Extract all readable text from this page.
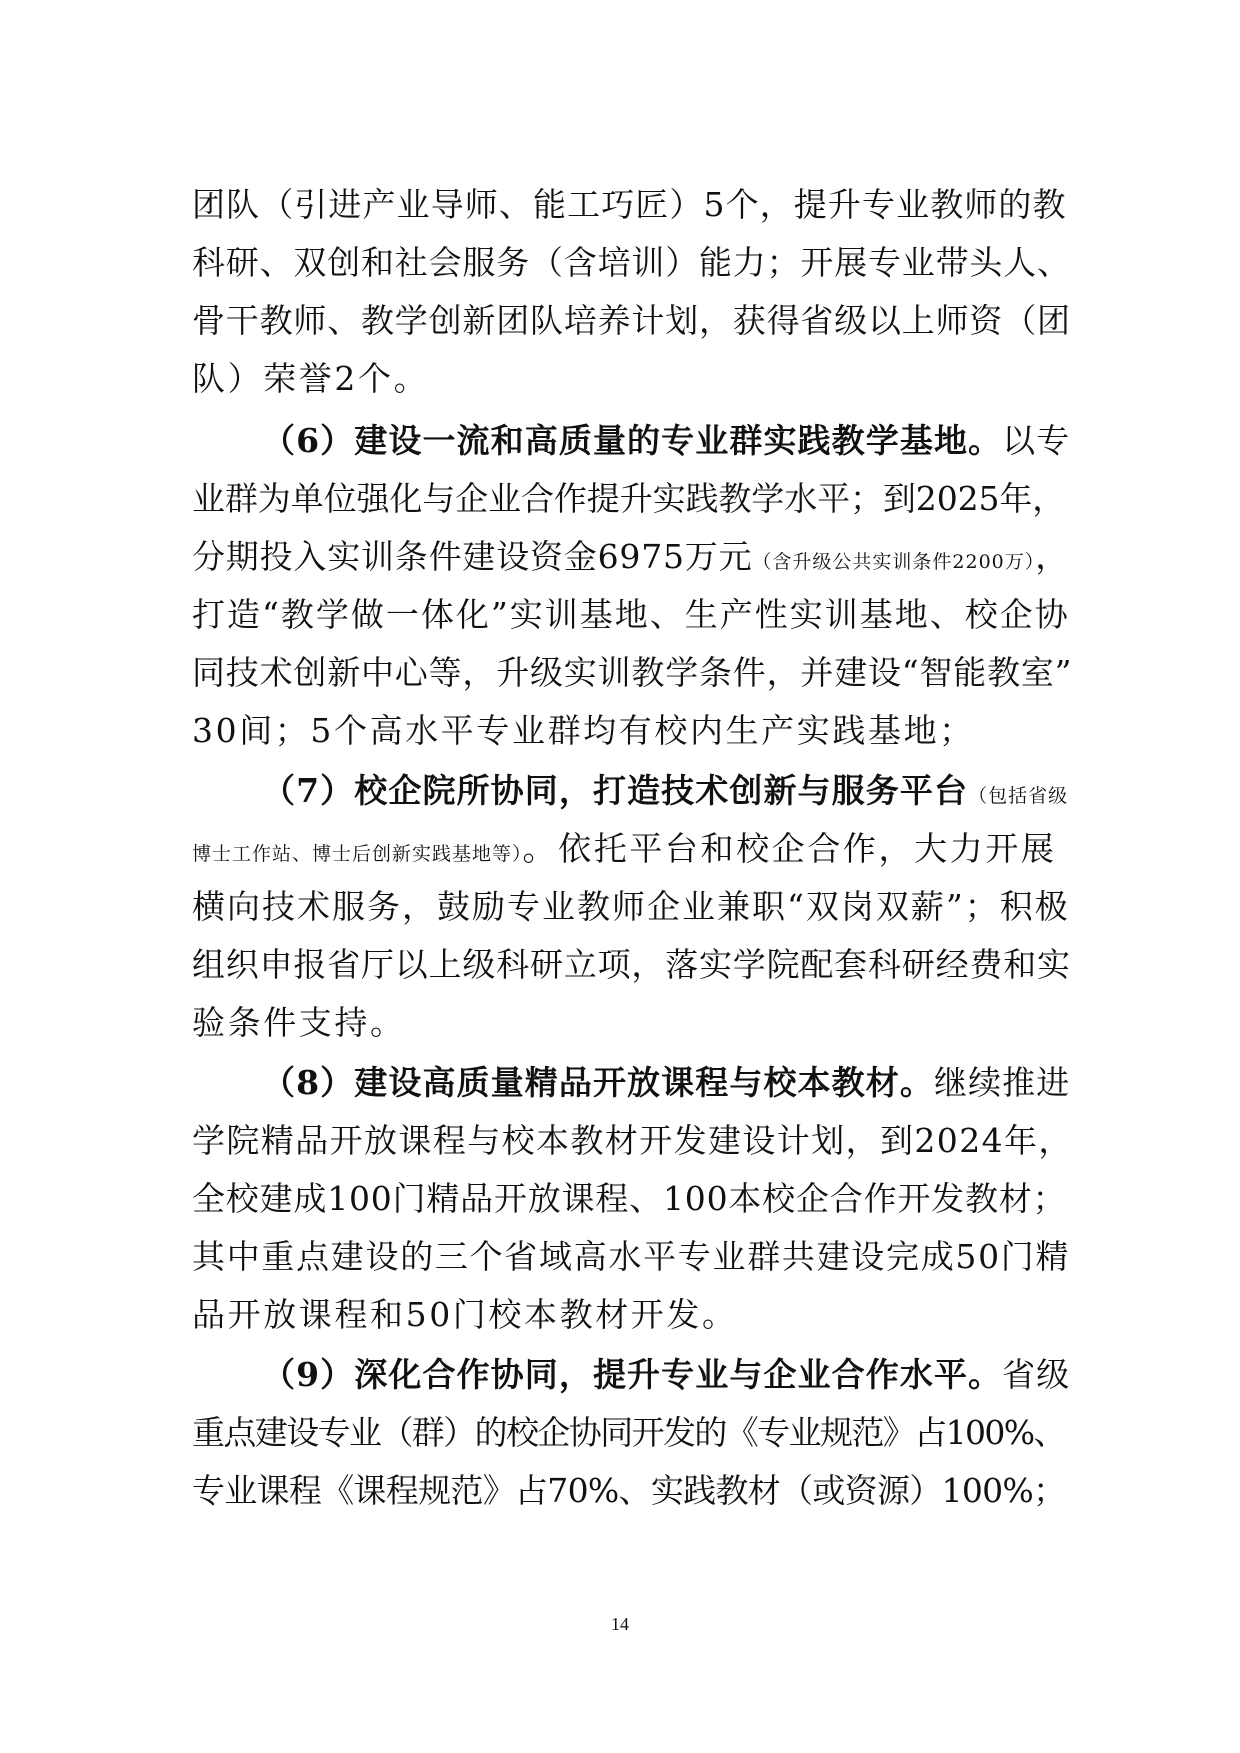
团队（引进产业导师、能工巧匠）5个，提升专业教师的教
科研、双创和社会服务（含培训）能力；开展专业带头人、
骨干教师、教学创新团队培养计划，获得省级以上师资（团
队）荣誉2个。
（6）建设一流和高质量的专业群实践教学基地。以专
业群为单位强化与企业合作提升实践教学水平；到2025年，
分期投入实训条件建设资金6975万元（含升级公共实训条件2200万），
打造“教学做一体化”实训基地、生产性实训基地、校企协
同技术创新中心等，升级实训教学条件，并建设“智能教室”
30间；5个高水平专业群均有校内生产实践基地；
（7）校企院所协同，打造技术创新与服务平台（包括省级
博士工作站、博士后创新实践基地等）。依托平台和校企合作，大力开展
横向技术服务，鼓励专业教师企业兼职“双岗双薪”；积极
组织申报省厅以上级科研立项，落实学院配套科研经费和实
验条件支持。
（8）建设高质量精品开放课程与校本教材。继续推进
学院精品开放课程与校本教材开发建设计划，到2024年，
全校建成100门精品开放课程、100本校企合作开发教材；
其中重点建设的三个省域高水平专业群共建设完成50门精
品开放课程和50门校本教材开发。
（9）深化合作协同，提升专业与企业合作水平。省级
重点建设专业（群）的校企协同开发的《专业规范》占100%、
专业课程《课程规范》占70%、实践教材（或资源）100%；
14
